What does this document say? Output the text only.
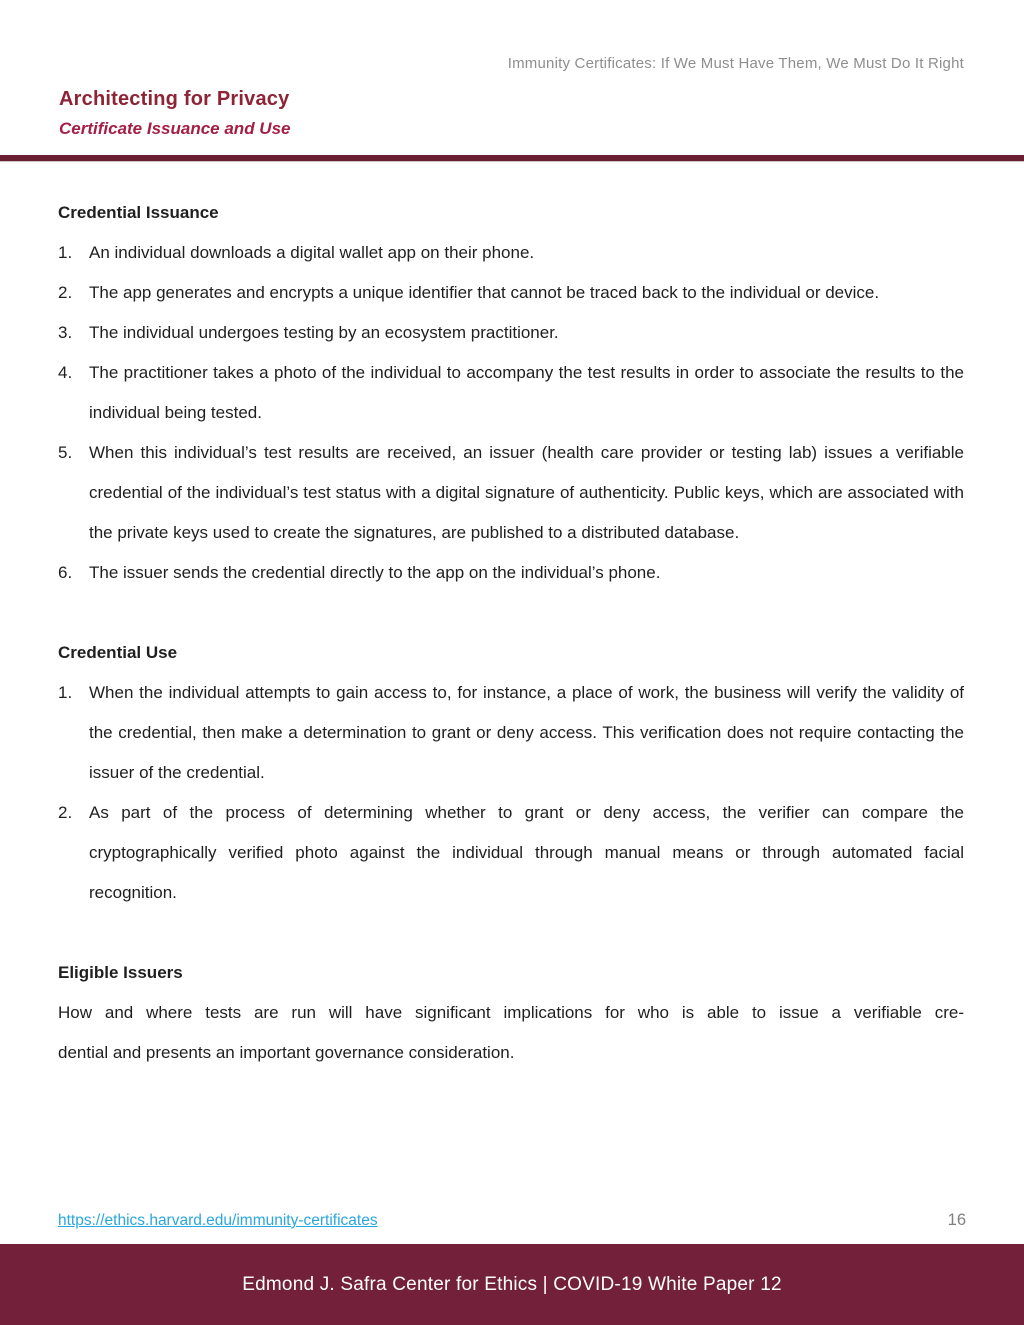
Immunity Certificates: If We Must Have Them, We Must Do It Right
Architecting for Privacy
Certificate Issuance and Use
Credential Issuance
1. An individual downloads a digital wallet app on their phone.
2. The app generates and encrypts a unique identifier that cannot be traced back to the individual or device.
3. The individual undergoes testing by an ecosystem practitioner.
4. The practitioner takes a photo of the individual to accompany the test results in order to associate the results to the individual being tested.
5. When this individual’s test results are received, an issuer (health care provider or testing lab) issues a verifiable credential of the individual’s test status with a digital signature of authenticity. Public keys, which are associated with the private keys used to create the signatures, are published to a distributed database.
6. The issuer sends the credential directly to the app on the individual’s phone.
Credential Use
1. When the individual attempts to gain access to, for instance, a place of work, the business will verify the validity of the credential, then make a determination to grant or deny access. This verification does not require contacting the issuer of the credential.
2. As part of the process of determining whether to grant or deny access, the verifier can compare the cryptographically verified photo against the individual through manual means or through automated facial recognition.
Eligible Issuers
How and where tests are run will have significant implications for who is able to issue a verifiable cre-
dential and presents an important governance consideration.
https://ethics.harvard.edu/immunity-certificates	16
Edmond J. Safra Center for Ethics | COVID-19 White Paper 12
